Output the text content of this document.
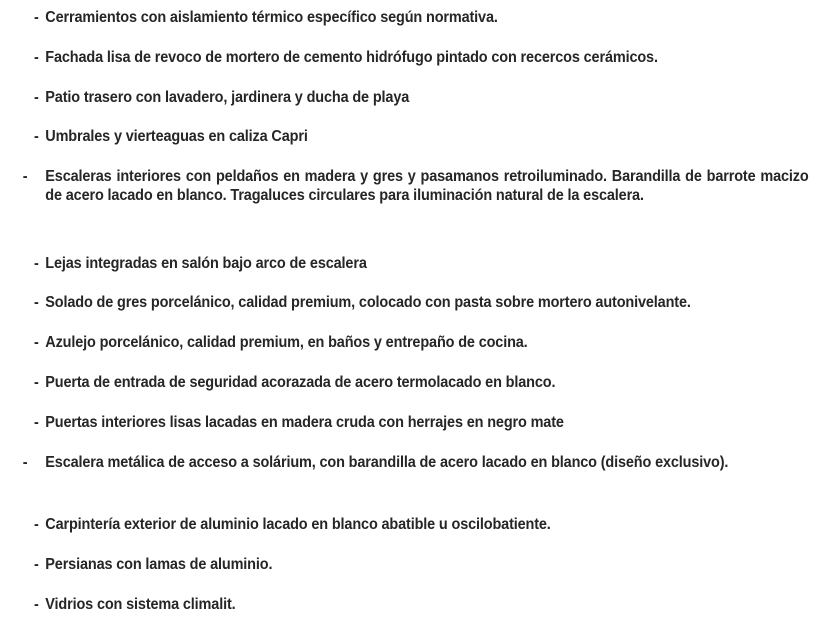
- Cerramientos con aislamiento térmico específico según normativa.
- Fachada lisa de revoco de mortero de cemento hidrófugo pintado con recercos cerámicos.
- Patio trasero con lavadero, jardinera y ducha de playa
- Umbrales y vierteaguas en caliza Capri
- Escaleras interiores con peldaños en madera y gres y pasamanos retroiluminado. Barandilla de barrote macizo de acero lacado en blanco. Tragaluces circulares para iluminación natural de la escalera.
- Lejas integradas en salón bajo arco de escalera
- Solado de gres porcelánico, calidad premium, colocado con pasta sobre mortero autonivelante.
- Azulejo porcelánico, calidad premium, en baños y entrepaño de cocina.
- Puerta de entrada de seguridad acorazada de acero termolacado en blanco.
- Puertas interiores lisas lacadas en madera cruda con herrajes en negro mate
- Escalera metálica de acceso a solárium, con barandilla de acero lacado en blanco (diseño exclusivo).
- Carpintería exterior de aluminio lacado en blanco abatible u oscilobatiente.
- Persianas con lamas de aluminio.
- Vidrios con sistema climalit.
